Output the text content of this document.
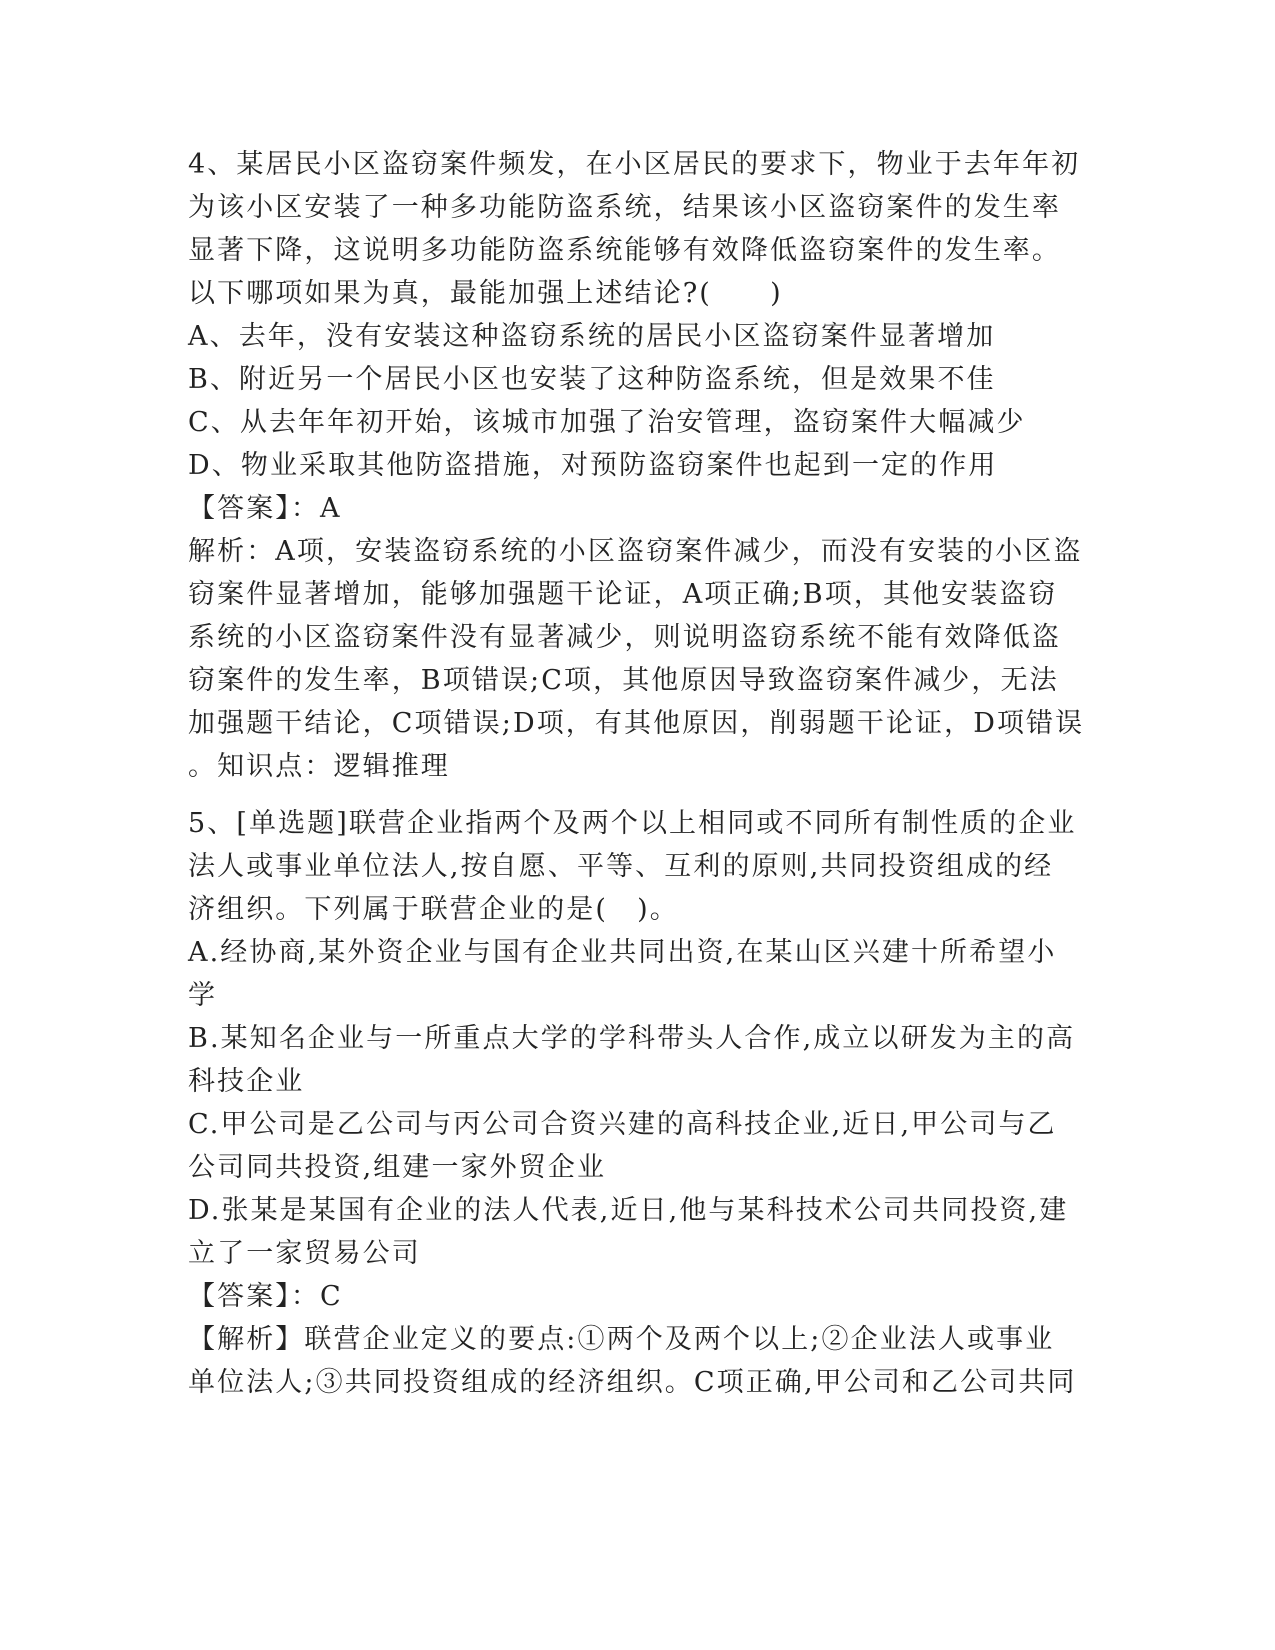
4、某居民小区盗窃案件频发，在小区居民的要求下，物业于去年年初

为该小区安装了一种多功能防盗系统，结果该小区盗窃案件的发生率

显著下降，这说明多功能防盗系统能够有效降低盗窃案件的发生率。

以下哪项如果为真，最能加强上述结论?(　　)

A、去年，没有安装这种盗窃系统的居民小区盗窃案件显著增加

B、附近另一个居民小区也安装了这种防盗系统，但是效果不佳

C、从去年年初开始，该城市加强了治安管理，盗窃案件大幅减少

D、物业采取其他防盗措施，对预防盗窃案件也起到一定的作用

【答案】：A

解析：A项，安装盗窃系统的小区盗窃案件减少，而没有安装的小区盗

窃案件显著增加，能够加强题干论证，A项正确;B项，其他安装盗窃

系统的小区盗窃案件没有显著减少，则说明盗窃系统不能有效降低盗

窃案件的发生率，B项错误;C项，其他原因导致盗窃案件减少，无法

加强题干结论，C项错误;D项，有其他原因，削弱题干论证，D项错误

。知识点：逻辑推理

5、[单选题]联营企业指两个及两个以上相同或不同所有制性质的企业

法人或事业单位法人,按自愿、平等、互利的原则,共同投资组成的经

济组织。下列属于联营企业的是(　)。

A.经协商,某外资企业与国有企业共同出资,在某山区兴建十所希望小

学

B.某知名企业与一所重点大学的学科带头人合作,成立以研发为主的高

科技企业

C.甲公司是乙公司与丙公司合资兴建的高科技企业,近日,甲公司与乙

公司同共投资,组建一家外贸企业

D.张某是某国有企业的法人代表,近日,他与某科技术公司共同投资,建

立了一家贸易公司

【答案】：C

【解析】联营企业定义的要点:①两个及两个以上;②企业法人或事业

单位法人;③共同投资组成的经济组织。C项正确,甲公司和乙公司共同
